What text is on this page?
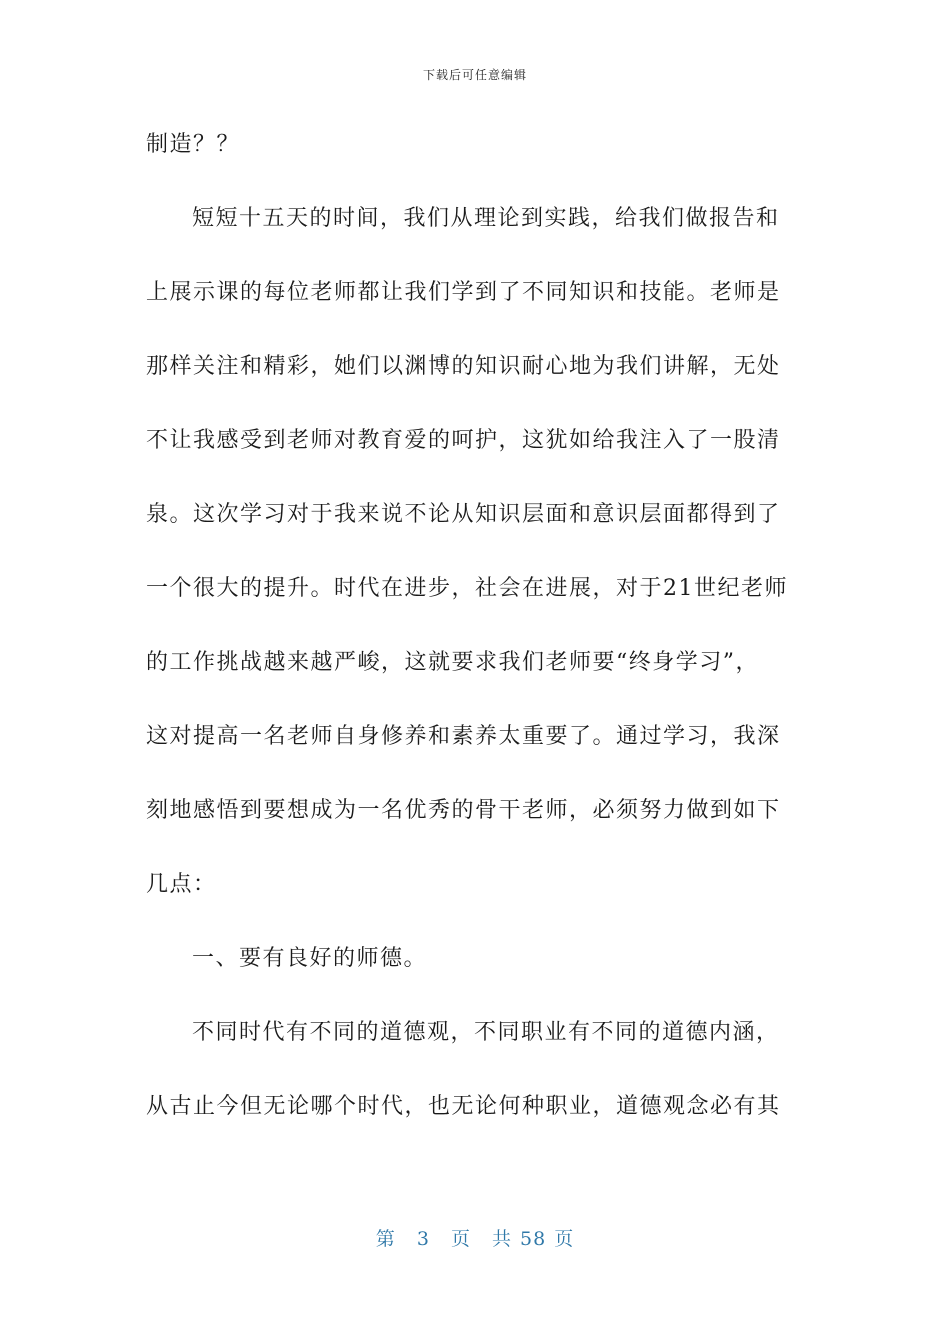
下载后可任意编辑
制造？？
短短十五天的时间，我们从理论到实践，给我们做报告和
上展示课的每位老师都让我们学到了不同知识和技能。老师是
那样关注和精彩，她们以渊博的知识耐心地为我们讲解，无处
不让我感受到老师对教育爱的呵护，这犹如给我注入了一股清
泉。这次学习对于我来说不论从知识层面和意识层面都得到了
一个很大的提升。时代在进步，社会在进展，对于21世纪老师
的工作挑战越来越严峻，这就要求我们老师要“终身学习”，
这对提高一名老师自身修养和素养太重要了。通过学习，我深
刻地感悟到要想成为一名优秀的骨干老师，必须努力做到如下
几点：
一、要有良好的师德。
不同时代有不同的道德观，不同职业有不同的道德内涵，
从古止今但无论哪个时代，也无论何种职业，道德观念必有其
第 3 页 共 58 页
